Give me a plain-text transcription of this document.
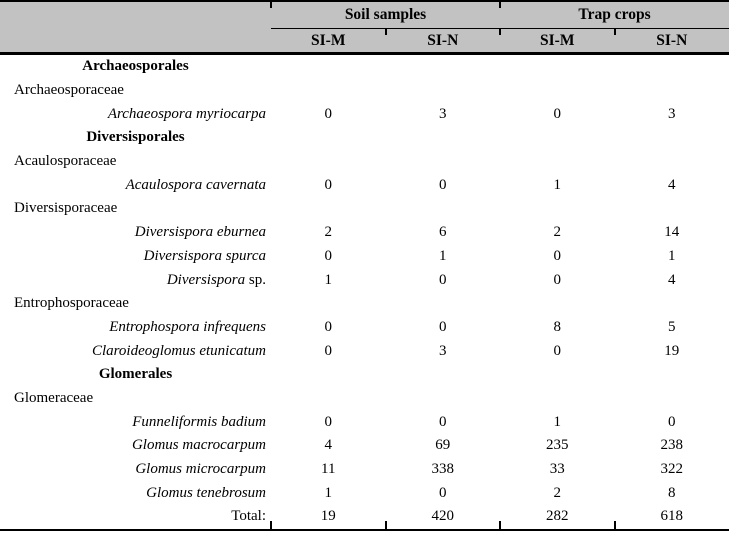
	Soil samples		Trap crops	
	SI-M	SI-N	SI-M	SI-N
Archaeosporales				
Archaeosporaceae				
Archaeospora myriocarpa	0	3	0	3
Diversisporales				
Acaulosporaceae				
Acaulospora cavernata	0	0	1	4
Diversisporaceae				
Diversispora eburnea	2	6	2	14
Diversispora spurca	0	1	0	1
Diversispora sp.	1	0	0	4
Entrophosporaceae				
Entrophospora infrequens	0	0	8	5
Claroideoglomus etunicatum	0	3	0	19
Glomerales				
Glomeraceae				
Funneliformis badium	0	0	1	0
Glomus macrocarpum	4	69	235	238
Glomus microcarpum	11	338	33	322
Glomus tenebrosum	1	0	2	8
Total:	19	420	282	618
